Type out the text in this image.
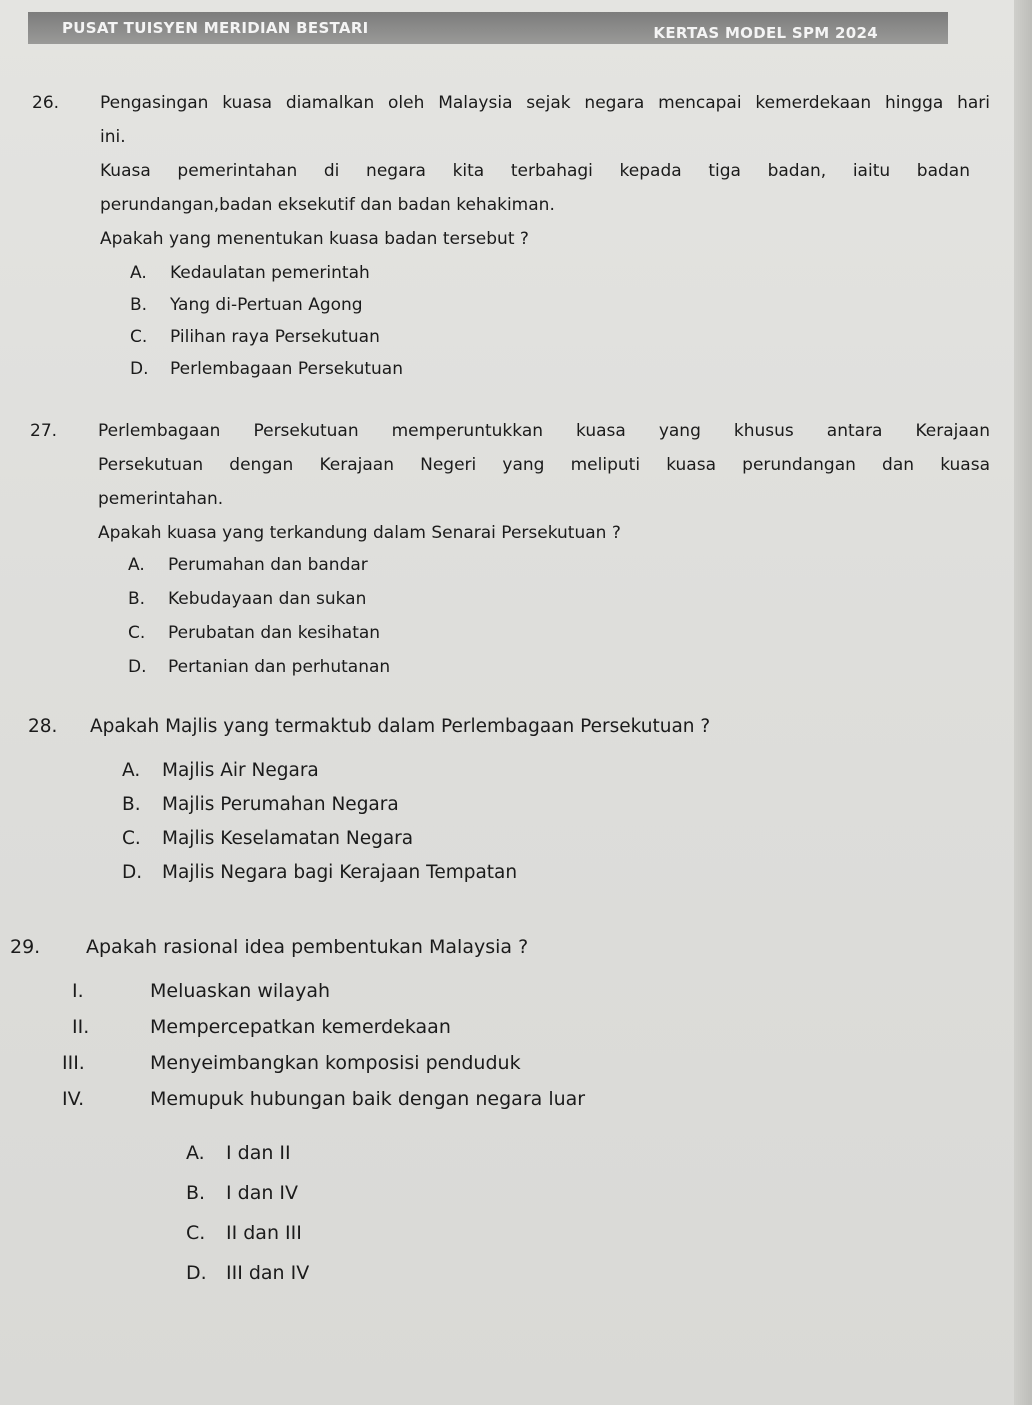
PUSAT TUISYEN MERIDIAN BESTARI	KERTAS MODEL SPM 2024
26. Pengasingan kuasa diamalkan oleh Malaysia sejak negara mencapai kemerdekaan hingga hari
ini.
Kuasa pemerintahan di negara kita terbahagi kepada tiga badan, iaitu badan
perundangan,badan eksekutif dan badan kehakiman.
Apakah yang menentukan kuasa badan tersebut ?
A. Kedaulatan pemerintah
B. Yang di-Pertuan Agong
C. Pilihan raya Persekutuan
D. Perlembagaan Persekutuan
27. Perlembagaan Persekutuan memperuntukkan kuasa yang khusus antara Kerajaan
Persekutuan dengan Kerajaan Negeri yang meliputi kuasa perundangan dan kuasa
pemerintahan.
Apakah kuasa yang terkandung dalam Senarai Persekutuan ?
A. Perumahan dan bandar
B. Kebudayaan dan sukan
C. Perubatan dan kesihatan
D. Pertanian dan perhutanan
28. Apakah Majlis yang termaktub dalam Perlembagaan Persekutuan ?
A. Majlis Air Negara
B. Majlis Perumahan Negara
C. Majlis Keselamatan Negara
D. Majlis Negara bagi Kerajaan Tempatan
29. Apakah rasional idea pembentukan Malaysia ?
I.	Meluaskan wilayah
II.	Mempercepatkan kemerdekaan
III.	Menyeimbangkan komposisi penduduk
IV.	Memupuk hubungan baik dengan negara luar
A. I dan II
B. I dan IV
C. II dan III
D. III dan IV
